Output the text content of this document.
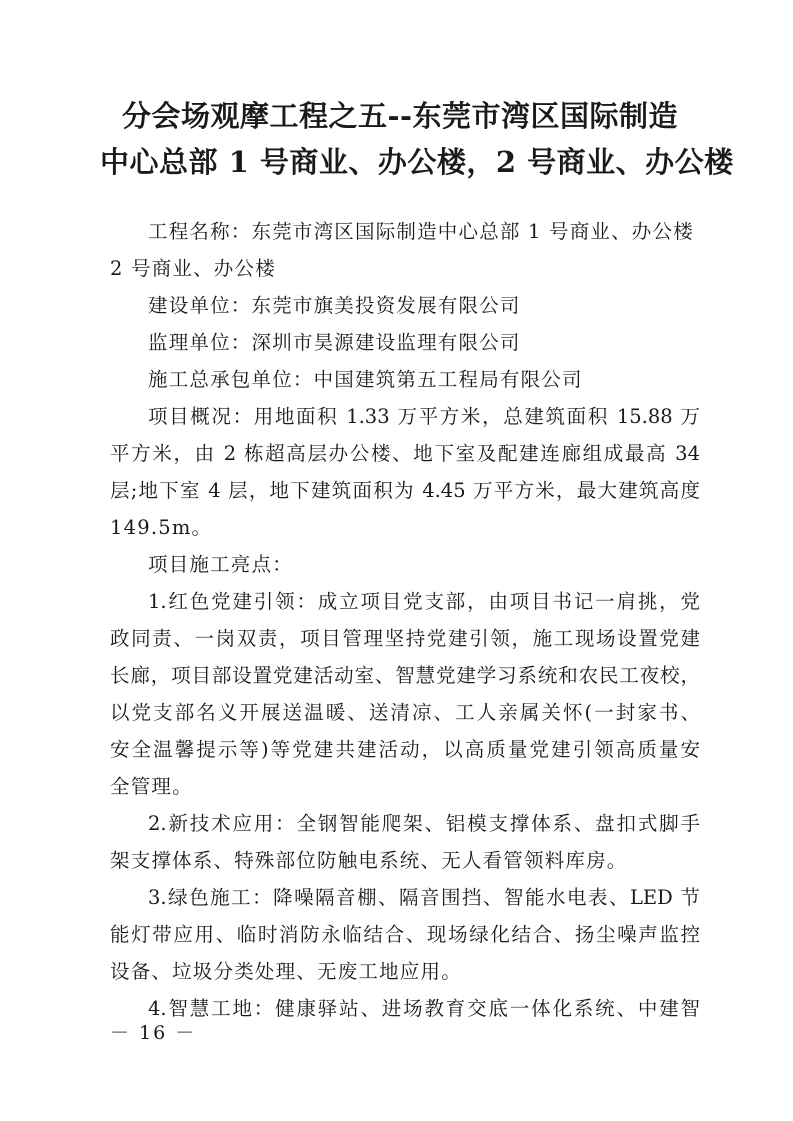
分会场观摩工程之五--东莞市湾区国际制造
中心总部 1 号商业、办公楼，2 号商业、办公楼
工程名称：东莞市湾区国际制造中心总部 1 号商业、办公楼
2 号商业、办公楼
建设单位：东莞市旗美投资发展有限公司
监理单位：深圳市昊源建设监理有限公司
施工总承包单位：中国建筑第五工程局有限公司
项目概况：用地面积 1.33 万平方米，总建筑面积 15.88 万
平方米，由 2 栋超高层办公楼、地下室及配建连廊组成最高 34
层;地下室 4 层，地下建筑面积为 4.45 万平方米，最大建筑高度
149.5m。
项目施工亮点：
1.红色党建引领：成立项目党支部，由项目书记一肩挑，党
政同责、一岗双责，项目管理坚持党建引领，施工现场设置党建
长廊，项目部设置党建活动室、智慧党建学习系统和农民工夜校，
以党支部名义开展送温暖、送清凉、工人亲属关怀(一封家书、
安全温馨提示等)等党建共建活动，以高质量党建引领高质量安
全管理。
2.新技术应用：全钢智能爬架、铝模支撑体系、盘扣式脚手
架支撑体系、特殊部位防触电系统、无人看管领料库房。
3.绿色施工：降噪隔音棚、隔音围挡、智能水电表、LED 节
能灯带应用、临时消防永临结合、现场绿化结合、扬尘噪声监控
设备、垃圾分类处理、无废工地应用。
4.智慧工地：健康驿站、进场教育交底一体化系统、中建智
－ 16 －
